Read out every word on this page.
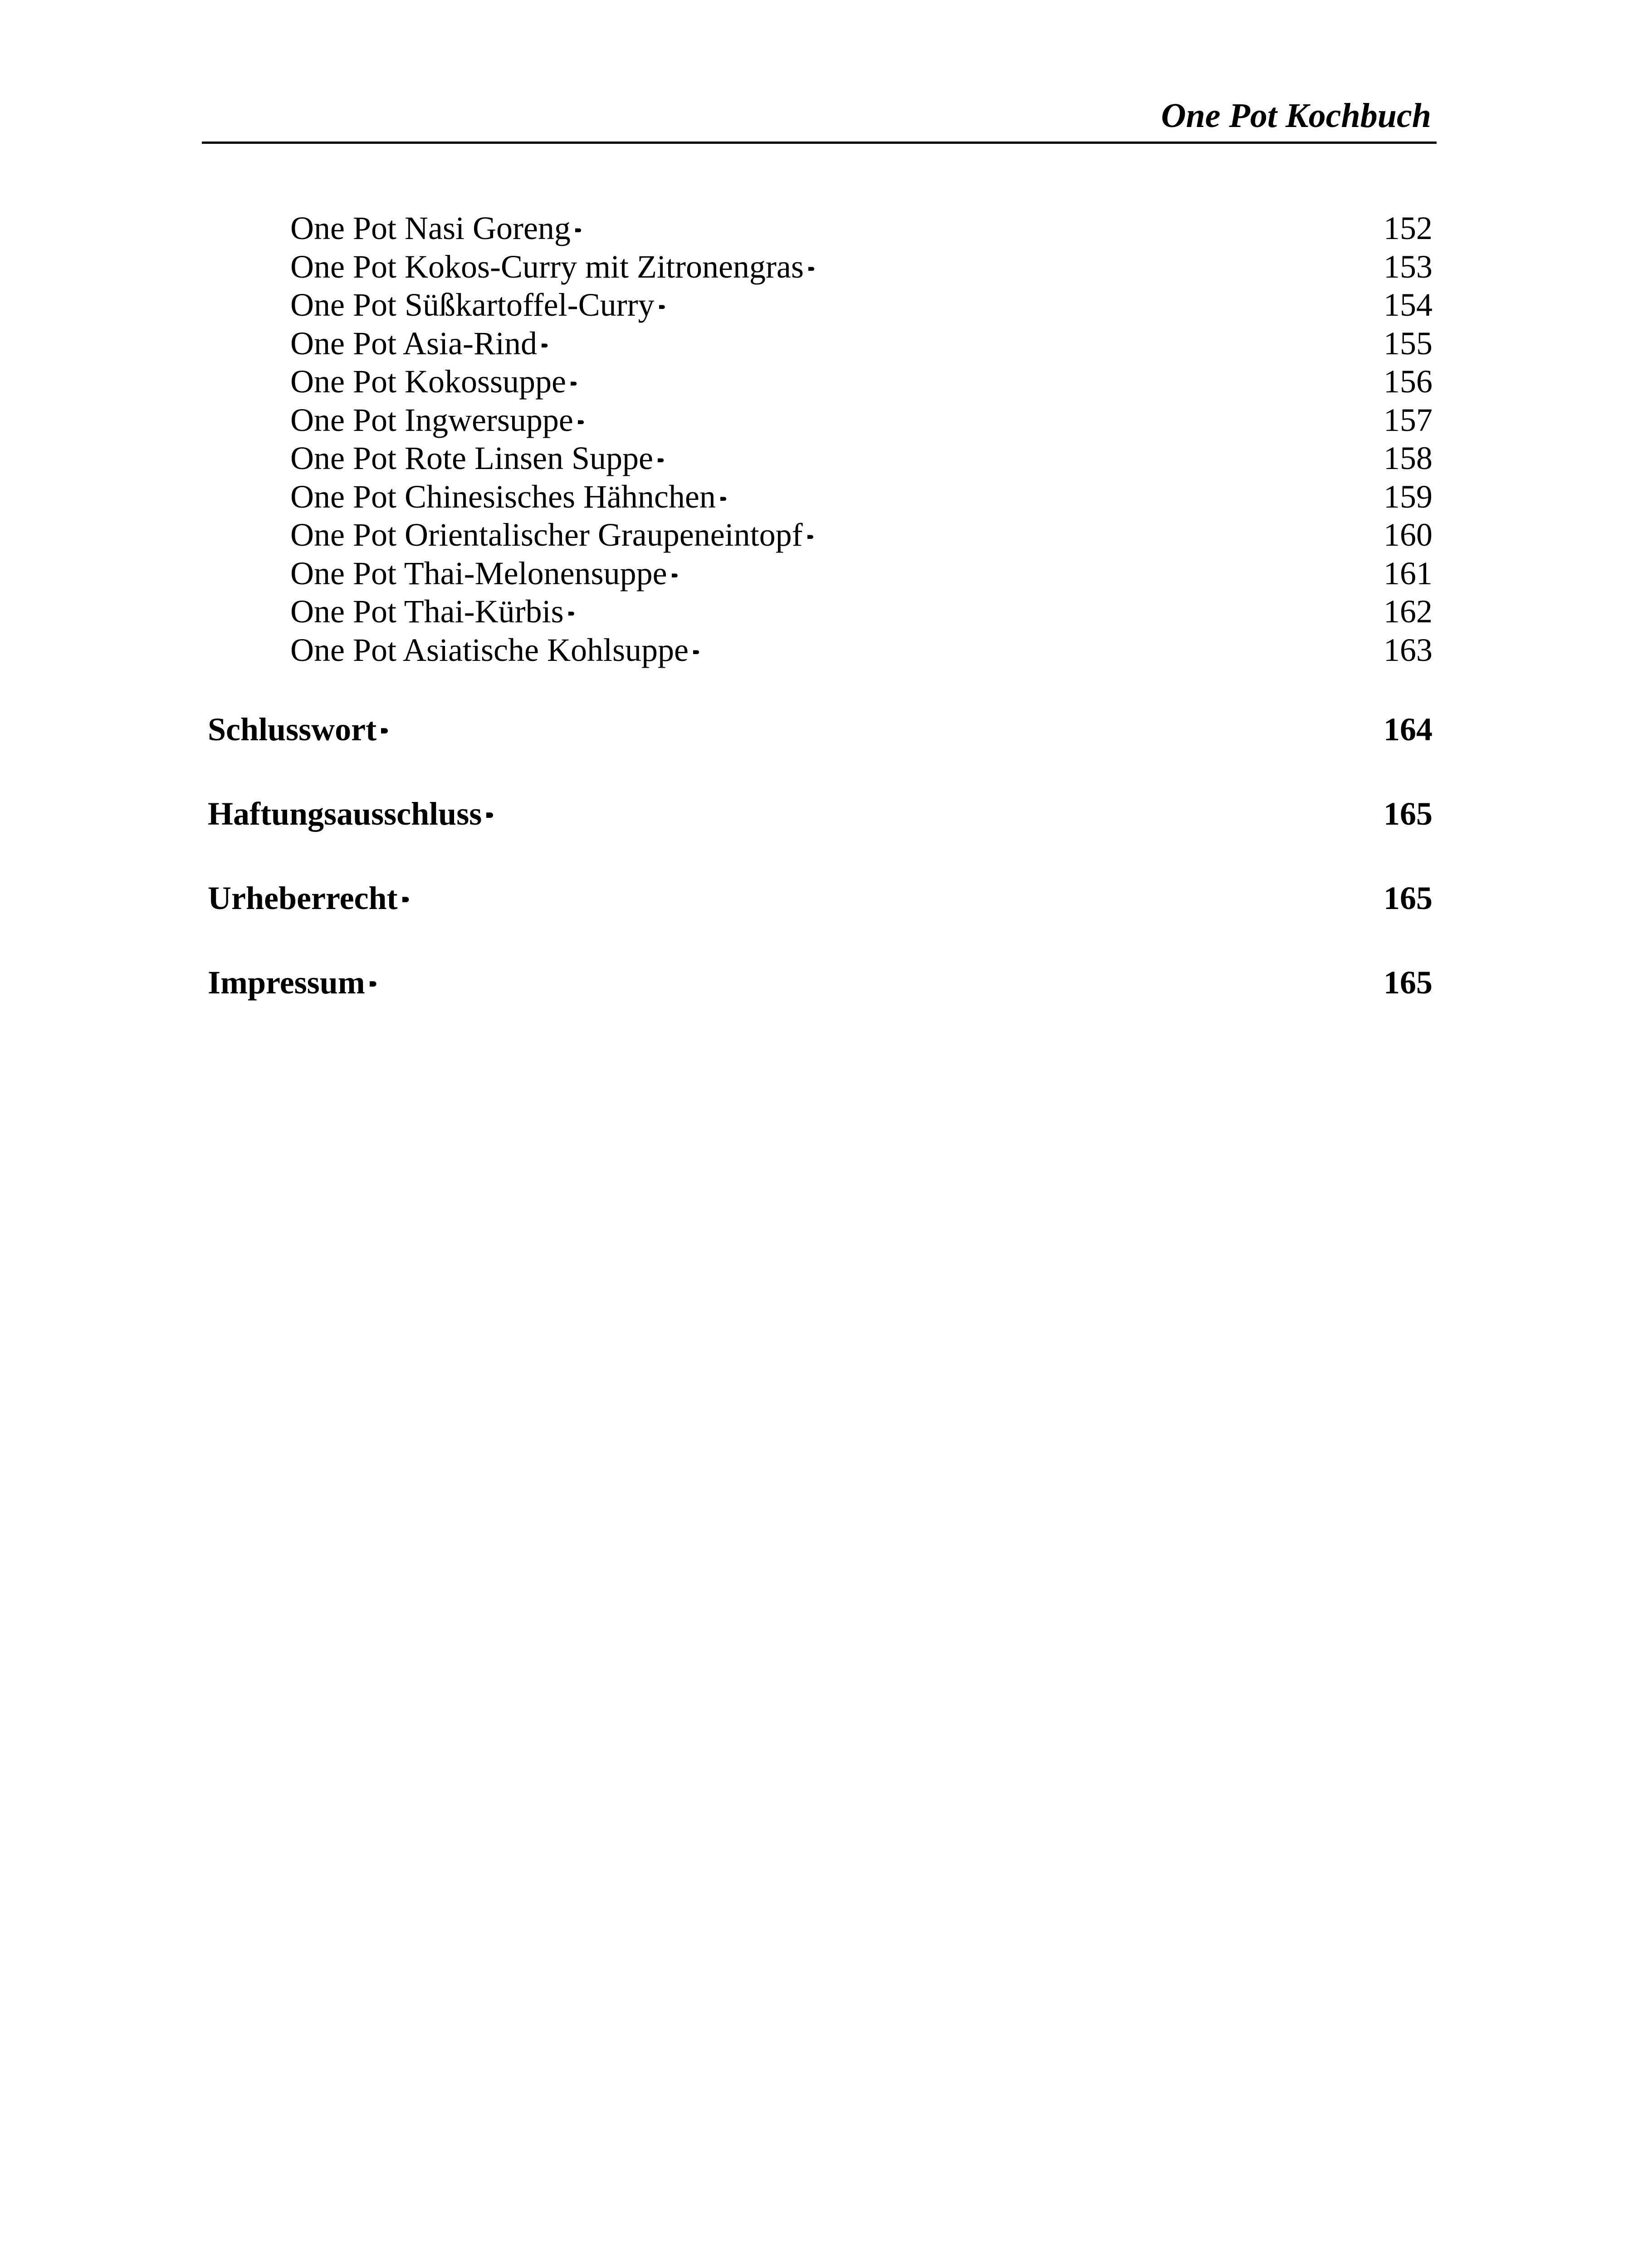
One Pot Kochbuch
One Pot Nasi Goreng . . .	152
One Pot Kokos-Curry mit Zitronengras . . .	153
One Pot Süßkartoffel-Curry . . .	154
One Pot Asia-Rind . . .	155
One Pot Kokossuppe . . .	156
One Pot Ingwersuppe . . .	157
One Pot Rote Linsen Suppe . . .	158
One Pot Chinesisches Hähnchen . . .	159
One Pot Orientalischer Graupeneintopf . . .	160
One Pot Thai-Melonensuppe . . .	161
One Pot Thai-Kürbis . . .	162
One Pot Asiatische Kohlsuppe . . .	163
Schlusswort . . .	164
Haftungsausschluss . . .	165
Urheberrecht . . .	165
Impressum . . .	165
